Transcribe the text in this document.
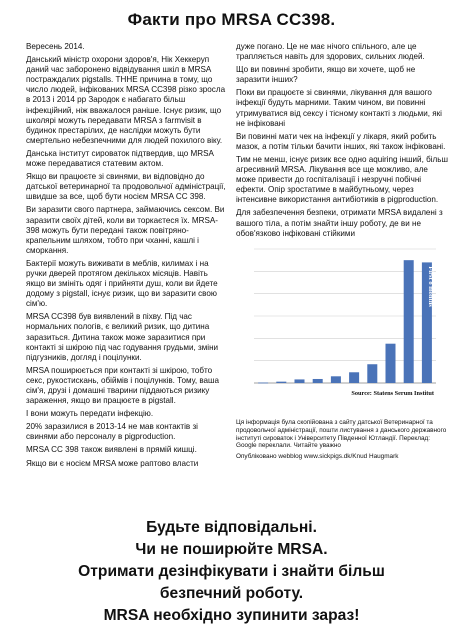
Факти про MRSA CC398.

Вересень 2014.

Данський міністр охорони здоров'я, Нік Хеккеруп даний час заборонено відвідування шкіл в MRSA постраждалих pigstalls. ТННЕ причина в тому, що число людей, інфікованих MRSA CC398 різко зросла в 2013 і 2014 рр Зародок є набагато більш інфекційний, ніж вважалося раніше. Існує ризик, що школярі можуть передавати MRSA з farmvisit в будинок престарілих, де наслідки можуть бути смертельно небезпечними для людей похилого віку.

Данська інститут сироваток підтвердив, що MRSA може передаватися статевим актом.

Якщо ви працюєте зі свинями, ви відповідно до датської ветеринарної та продовольчої адміністрації, швидше за все, щоб бути носієм MRSA CC 398.

Ви заразити свого партнера, займаючись сексом. Ви заразити своїх дітей, коли ви торкаєтеся їх. MRSA-398 можуть бути передані також повітряно-крапельним шляхом, тобто при чханні, кашлі і сморкання.

Бактерії можуть виживати в меблів, килимах і на ручки дверей протягом декількох місяців. Навіть якщо ви змініть одяг і прийняти душ, коли ви йдете додому з pigstall, існує ризик, що ви заразити свою сім'ю.

MRSA CC398 був виявлений в піхву. Під час нормальних пологів, є великий ризик, що дитина заразиться. Дитина також може заразитися при контакті зі шкірою під час годування грудьми, зміни підгузників, догляд і поцілунки.

MRSA поширюється при контакті зі шкірою, тобто секс, рукостискань, обіймів і поцілунків. Тому, ваша сім'я, друзі і домашні тварини піддаються ризику зараження, якщо ви працюєте в pigstall.

І вони можуть передати інфекцію.

20% заразилися в 2013-14 не мав контактів зі свинями або персоналу в pigproduction.

MRSA CC 398 також виявлені в прямій кишці.

Якщо ви є носієм MRSA може раптово власти

дуже погано. Це не має нічого спільного, але це трапляється навіть для здорових, сильних людей.

Що ви повинні зробити, якщо ви хочете, щоб не заразити інших?

Поки ви працюєте зі свинями, лікування для вашого інфекції будуть марними. Таким чином, ви повинні утримуватися від сексу і тісному контакті з людьми, які не інфіковані

Ви повинні мати чек на інфекції у лікаря, який робить мазок, а потім тільки бачити інших, які також інфіковані.

Тим не менш, існує ризик все одно aquiring інший, більш агресивний MRSA. Лікування все ще можливо, але може привести до госпіталізації і незручні побічні ефекти. Опір зростатиме в майбутньому, через інтенсивне використання антибіотиків в pigproduction.

Для забезпечення безпеки, отримати MRSA видалені з вашого тіла, а потім знайти іншу роботу, де ви не обов'язково інфіковані стійкими

First 8 months
Source: Statens Serum Institut

Ця інформація була скопійована з сайту датської Ветеринарної та продовольчої адміністрації, пошти листування з данського державного інституті сироваток і Університету Південної Ютландії. Переклад: Google переклали. Читайте уважно

Опубліковано webblog www.sickpigs.dk/Knud Haugmark

Будьте відповідальні.
Чи не поширюйте MRSA.
Отримати дезінфікувати і знайти більш
безпечний роботу.
MRSA необхідно зупинити зараз!
